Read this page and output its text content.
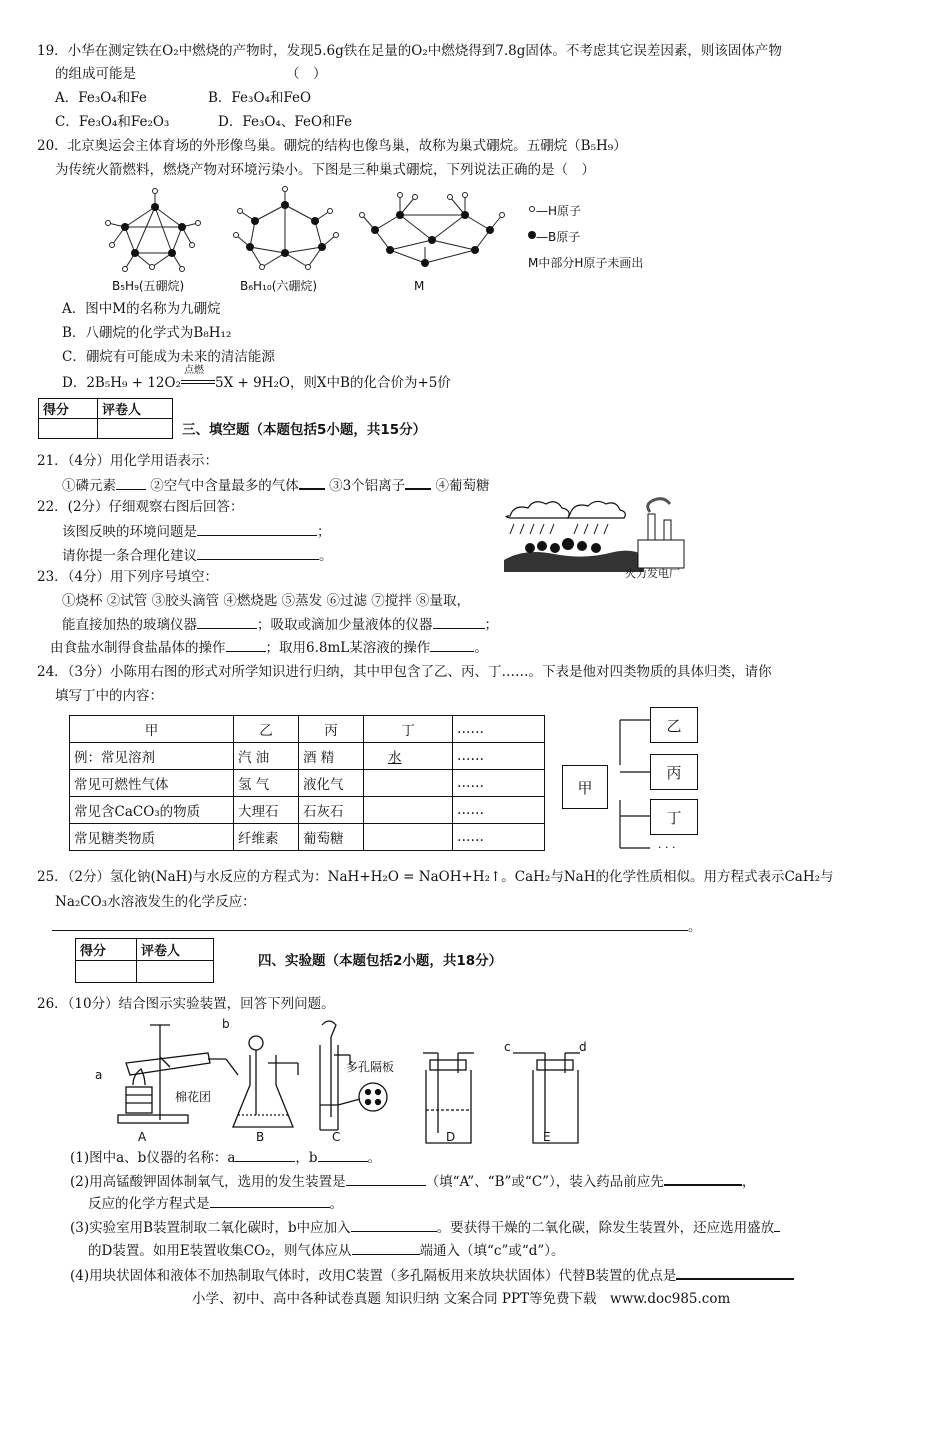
19．小华在测定铁在O₂中燃烧的产物时，发现5.6g铁在足量的O₂中燃烧得到7.8g固体。不考虑其它误差因素，则该固体产物
的组成可能是	（　）
A．Fe₃O₄和Fe	B．Fe₃O₄和FeO
C．Fe₃O₄和Fe₂O₃	D．Fe₃O₄、FeO和Fe
20．北京奥运会主体育场的外形像鸟巢。硼烷的结构也像鸟巢，故称为巢式硼烷。五硼烷（B₅H₉）
为传统火箭燃料，燃烧产物对环境污染小。下图是三种巢式硼烷，下列说法正确的是（　）
B₅H₉(五硼烷)	B₆H₁₀(六硼烷)	M
—H原子
—B原子
M中部分H原子未画出
A．图中M的名称为九硼烷
B．八硼烷的化学式为B₈H₁₂
C．硼烷有可能成为未来的清洁能源
D．2B₅H₉ + 12O₂
点燃
5X + 9H₂O，则X中B的化合价为+5价
得分	评卷人

三、填空题（本题包括5小题，共15分）
21．（4分）用化学用语表示：
①磷元素	②空气中含量最多的气体 ③3个铝离子 ④葡萄糖
22．(2分）仔细观察右图后回答：
该图反映的环境问题是	；
请你提一条合理化建议	。
火力发电厂
23．（4分）用下列序号填空：
①烧杯 ②试管 ③胶头滴管 ④燃烧匙 ⑤蒸发 ⑥过滤 ⑦搅拌 ⑧量取，
能直接加热的玻璃仪器	；吸取或滴加少量液体的仪器	；
由食盐水制得食盐晶体的操作	；取用6.8mL某溶液的操作	。
24．（3分）小陈用右图的形式对所学知识进行归纳，其中甲包含了乙、丙、丁……。下表是他对四类物质的具体归类，请你
填写丁中的内容：
甲	乙	丙	丁	……
例：常见溶剂	汽 油	酒 精	水	……
常见可燃性气体	氢 气	液化气		……
常见含CaCO₃的物质	大理石	石灰石		……
常见糖类物质	纤维素	葡萄糖		……
· · ·
甲
乙
丙
丁
25．（2分）氢化钠(NaH)与水反应的方程式为：NaH+H₂O = NaOH+H₂↑。CaH₂与NaH的化学性质相似。用方程式表示CaH₂与
Na₂CO₃水溶液发生的化学反应：
。
得分	评卷人

四、实验题（本题包括2小题，共18分）
26．（10分）结合图示实验装置，回答下列问题。
a
b
c	d
棉花团
多孔隔板
A	B	C	D	E
(1)图中a、b仪器的名称：a	，b	。
(2)用高锰酸钾固体制氧气，选用的发生装置是	（填“A”、“B”或“C”），装入药品前应先	，
反应的化学方程式是	。
(3)实验室用B装置制取二氧化碳时，b中应加入	。要获得干燥的二氧化碳，除发生装置外，还应选用盛放
的D装置。如用E装置收集CO₂，则气体应从	端通入（填“c”或“d”）。
(4)用块状固体和液体不加热制取气体时，改用C装置（多孔隔板用来放块状固体）代替B装置的优点是
小学、初中、高中各种试卷真题 知识归纳 文案合同 PPT等免费下载　www.doc985.com
